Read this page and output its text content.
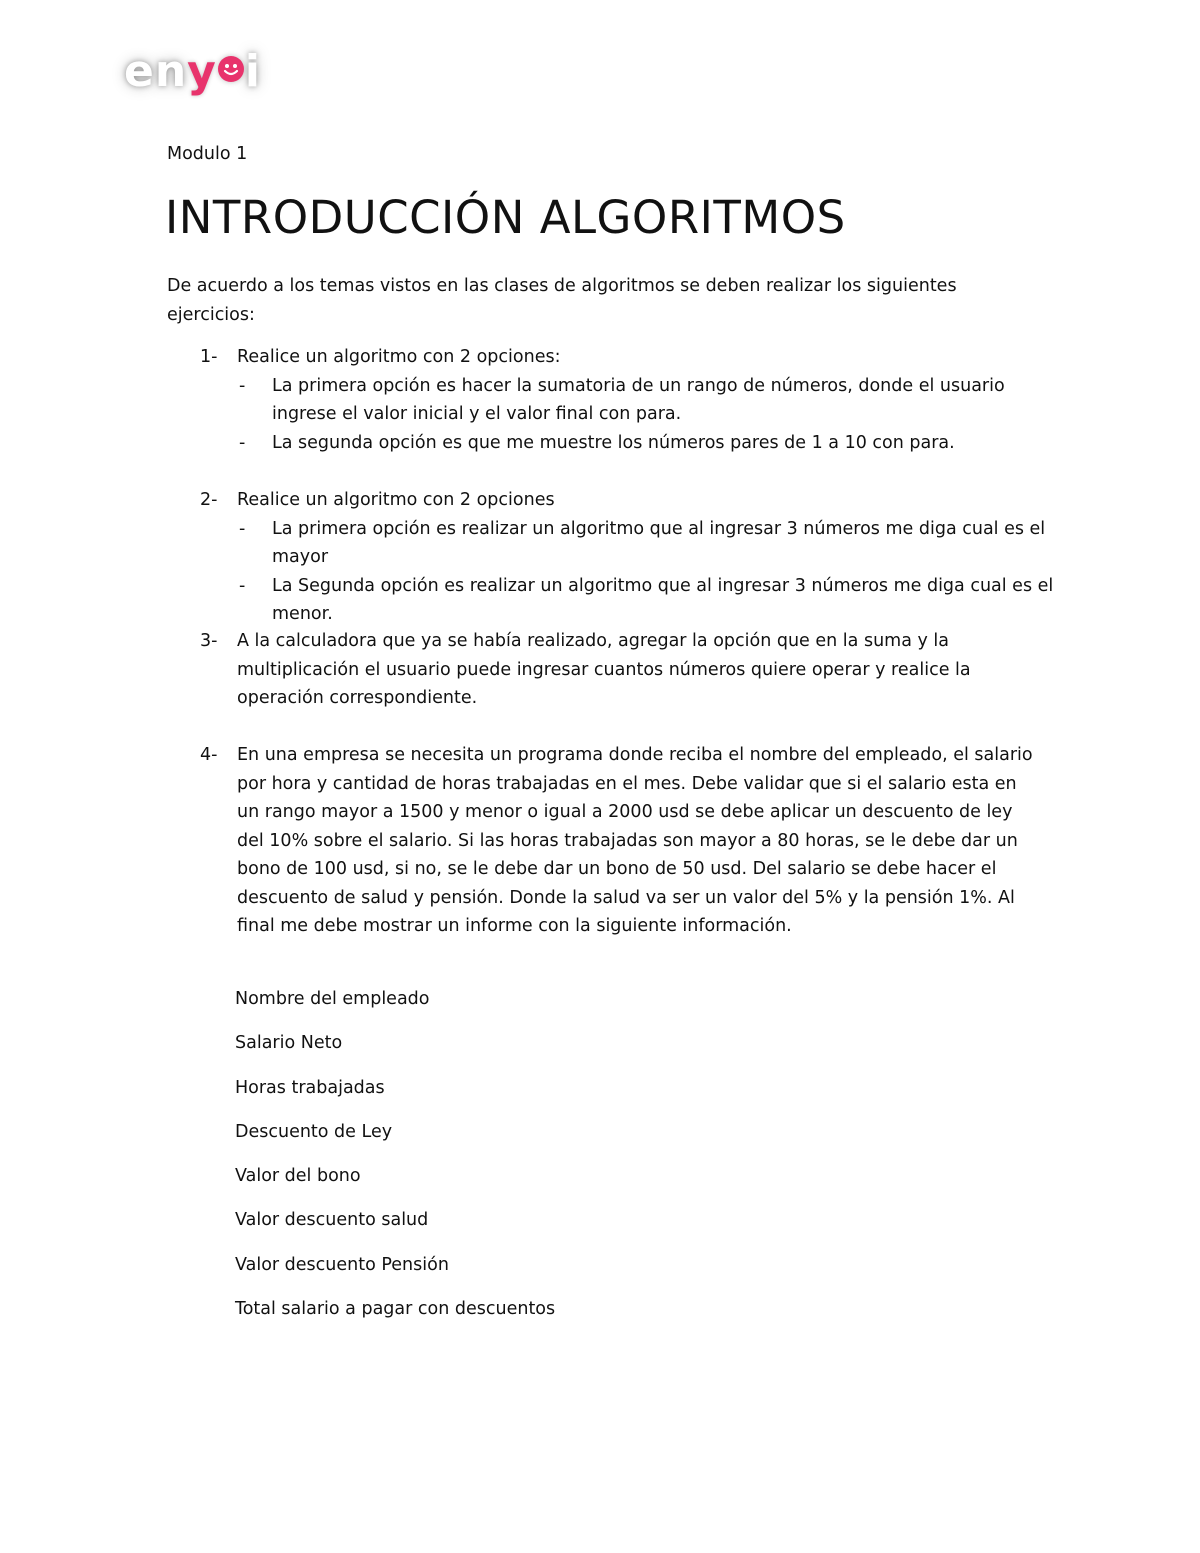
eny i
Modulo 1
INTRODUCCIÓN ALGORITMOS
De acuerdo a los temas vistos en las clases de algoritmos se deben realizar los siguientes ejercicios:
1- Realice un algoritmo con 2 opciones:
- La primera opción es hacer la sumatoria de un rango de números, donde el usuario ingrese el valor inicial y el valor final con para.
- La segunda opción es que me muestre los números pares de 1 a 10 con para.
2- Realice un algoritmo con 2 opciones
- La primera opción es realizar un algoritmo que al ingresar 3 números me diga cual es el mayor
- La Segunda opción es realizar un algoritmo que al ingresar 3 números me diga cual es el menor.
3- A la calculadora que ya se había realizado, agregar la opción que en la suma y la multiplicación el usuario puede ingresar cuantos números quiere operar y realice la operación correspondiente.
4- En una empresa se necesita un programa donde reciba el nombre del empleado, el salario por hora y cantidad de horas trabajadas en el mes. Debe validar que si el salario esta en un rango mayor a 1500 y menor o igual a 2000 usd se debe aplicar un descuento de ley del 10% sobre el salario. Si las horas trabajadas son mayor a 80 horas, se le debe dar un bono de 100 usd, si no, se le debe dar un bono de 50 usd. Del salario se debe hacer el descuento de salud y pensión. Donde la salud va ser un valor del 5% y la pensión 1%. Al final me debe mostrar un informe con la siguiente información.
Nombre del empleado
Salario Neto
Horas trabajadas
Descuento de Ley
Valor del bono
Valor descuento salud
Valor descuento Pensión
Total salario a pagar con descuentos
